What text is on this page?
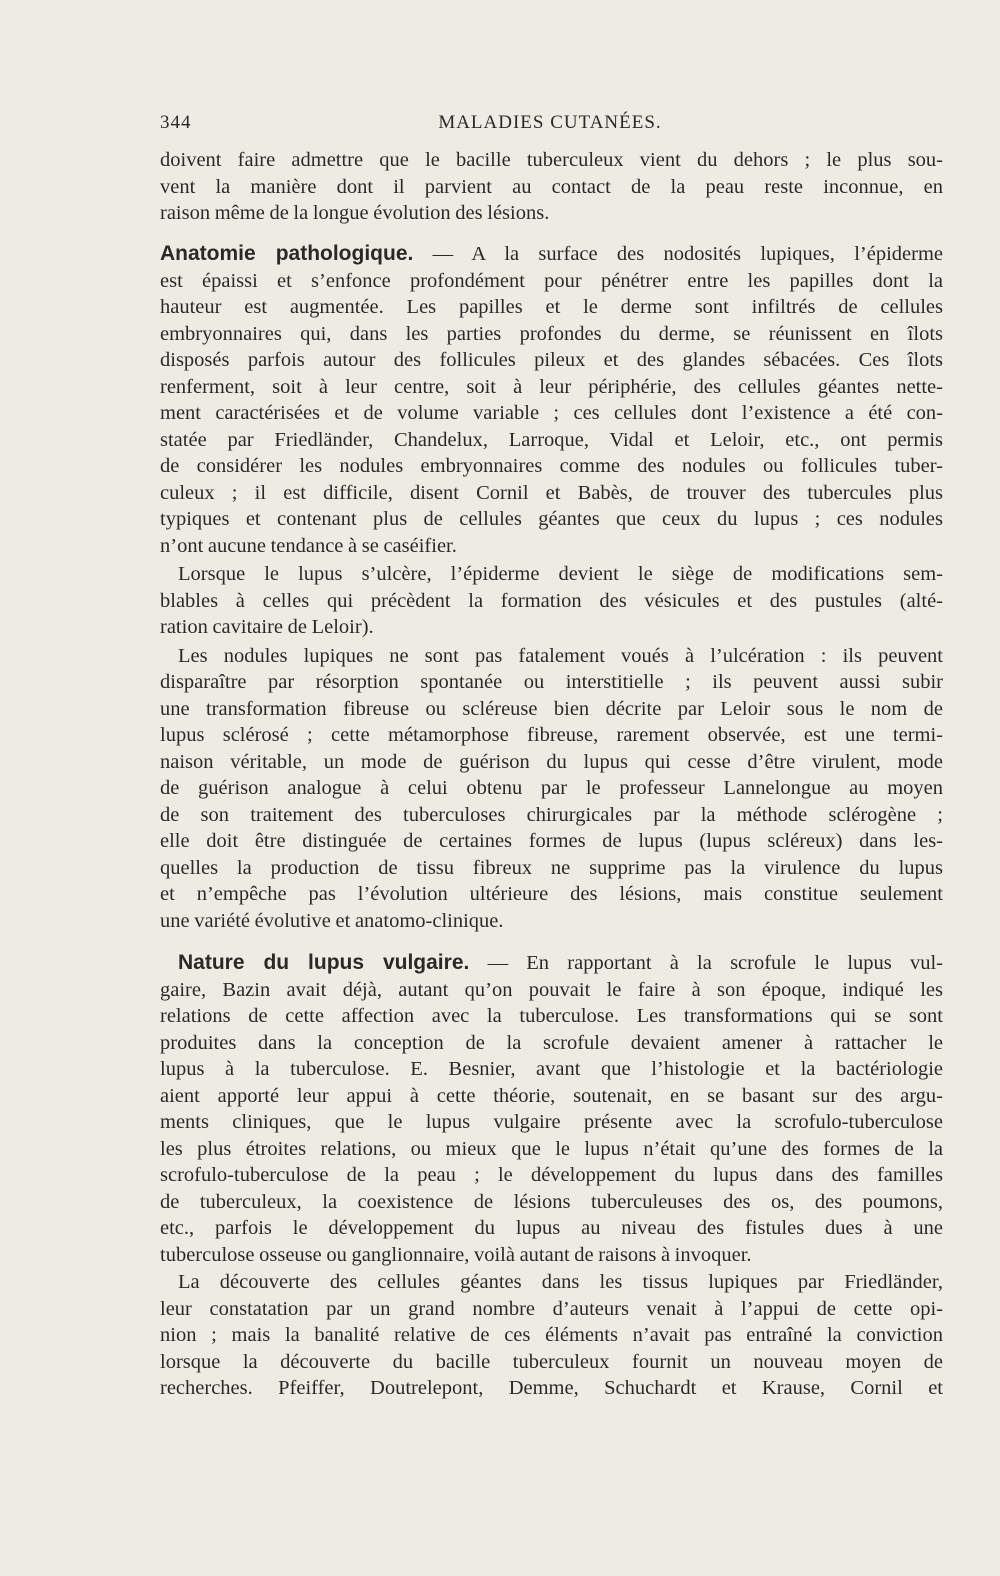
344	MALADIES CUTANÉES.
doivent faire admettre que le bacille tuberculeux vient du dehors ; le plus sou-
vent la manière dont il parvient au contact de la peau reste inconnue, en
raison même de la longue évolution des lésions.
Anatomie pathologique. — A la surface des nodosités lupiques, l’épiderme
est épaissi et s’enfonce profondément pour pénétrer entre les papilles dont la
hauteur est augmentée. Les papilles et le derme sont infiltrés de cellules
embryonnaires qui, dans les parties profondes du derme, se réunissent en îlots
disposés parfois autour des follicules pileux et des glandes sébacées. Ces îlots
renferment, soit à leur centre, soit à leur périphérie, des cellules géantes nette-
ment caractérisées et de volume variable ; ces cellules dont l’existence a été con-
statée par Friedländer, Chandelux, Larroque, Vidal et Leloir, etc., ont permis
de considérer les nodules embryonnaires comme des nodules ou follicules tuber-
culeux ; il est difficile, disent Cornil et Babès, de trouver des tubercules plus
typiques et contenant plus de cellules géantes que ceux du lupus ; ces nodules
n’ont aucune tendance à se caséifier.
Lorsque le lupus s’ulcère, l’épiderme devient le siège de modifications sem-
blables à celles qui précèdent la formation des vésicules et des pustules (alté-
ration cavitaire de Leloir).
Les nodules lupiques ne sont pas fatalement voués à l’ulcération : ils peuvent
disparaître par résorption spontanée ou interstitielle ; ils peuvent aussi subir
une transformation fibreuse ou scléreuse bien décrite par Leloir sous le nom de
lupus sclérosé ; cette métamorphose fibreuse, rarement observée, est une termi-
naison véritable, un mode de guérison du lupus qui cesse d’être virulent, mode
de guérison analogue à celui obtenu par le professeur Lannelongue au moyen
de son traitement des tuberculoses chirurgicales par la méthode sclérogène ;
elle doit être distinguée de certaines formes de lupus (lupus scléreux) dans les-
quelles la production de tissu fibreux ne supprime pas la virulence du lupus
et n’empêche pas l’évolution ultérieure des lésions, mais constitue seulement
une variété évolutive et anatomo-clinique.
Nature du lupus vulgaire. — En rapportant à la scrofule le lupus vul-
gaire, Bazin avait déjà, autant qu’on pouvait le faire à son époque, indiqué les
relations de cette affection avec la tuberculose. Les transformations qui se sont
produites dans la conception de la scrofule devaient amener à rattacher le
lupus à la tuberculose. E. Besnier, avant que l’histologie et la bactériologie
aient apporté leur appui à cette théorie, soutenait, en se basant sur des argu-
ments cliniques, que le lupus vulgaire présente avec la scrofulo-tuberculose
les plus étroites relations, ou mieux que le lupus n’était qu’une des formes de la
scrofulo-tuberculose de la peau ; le développement du lupus dans des familles
de tuberculeux, la coexistence de lésions tuberculeuses des os, des poumons,
etc., parfois le développement du lupus au niveau des fistules dues à une
tuberculose osseuse ou ganglionnaire, voilà autant de raisons à invoquer.
La découverte des cellules géantes dans les tissus lupiques par Friedländer,
leur constatation par un grand nombre d’auteurs venait à l’appui de cette opi-
nion ; mais la banalité relative de ces éléments n’avait pas entraîné la conviction
lorsque la découverte du bacille tuberculeux fournit un nouveau moyen de
recherches. Pfeiffer, Doutrelepont, Demme, Schuchardt et Krause, Cornil et
